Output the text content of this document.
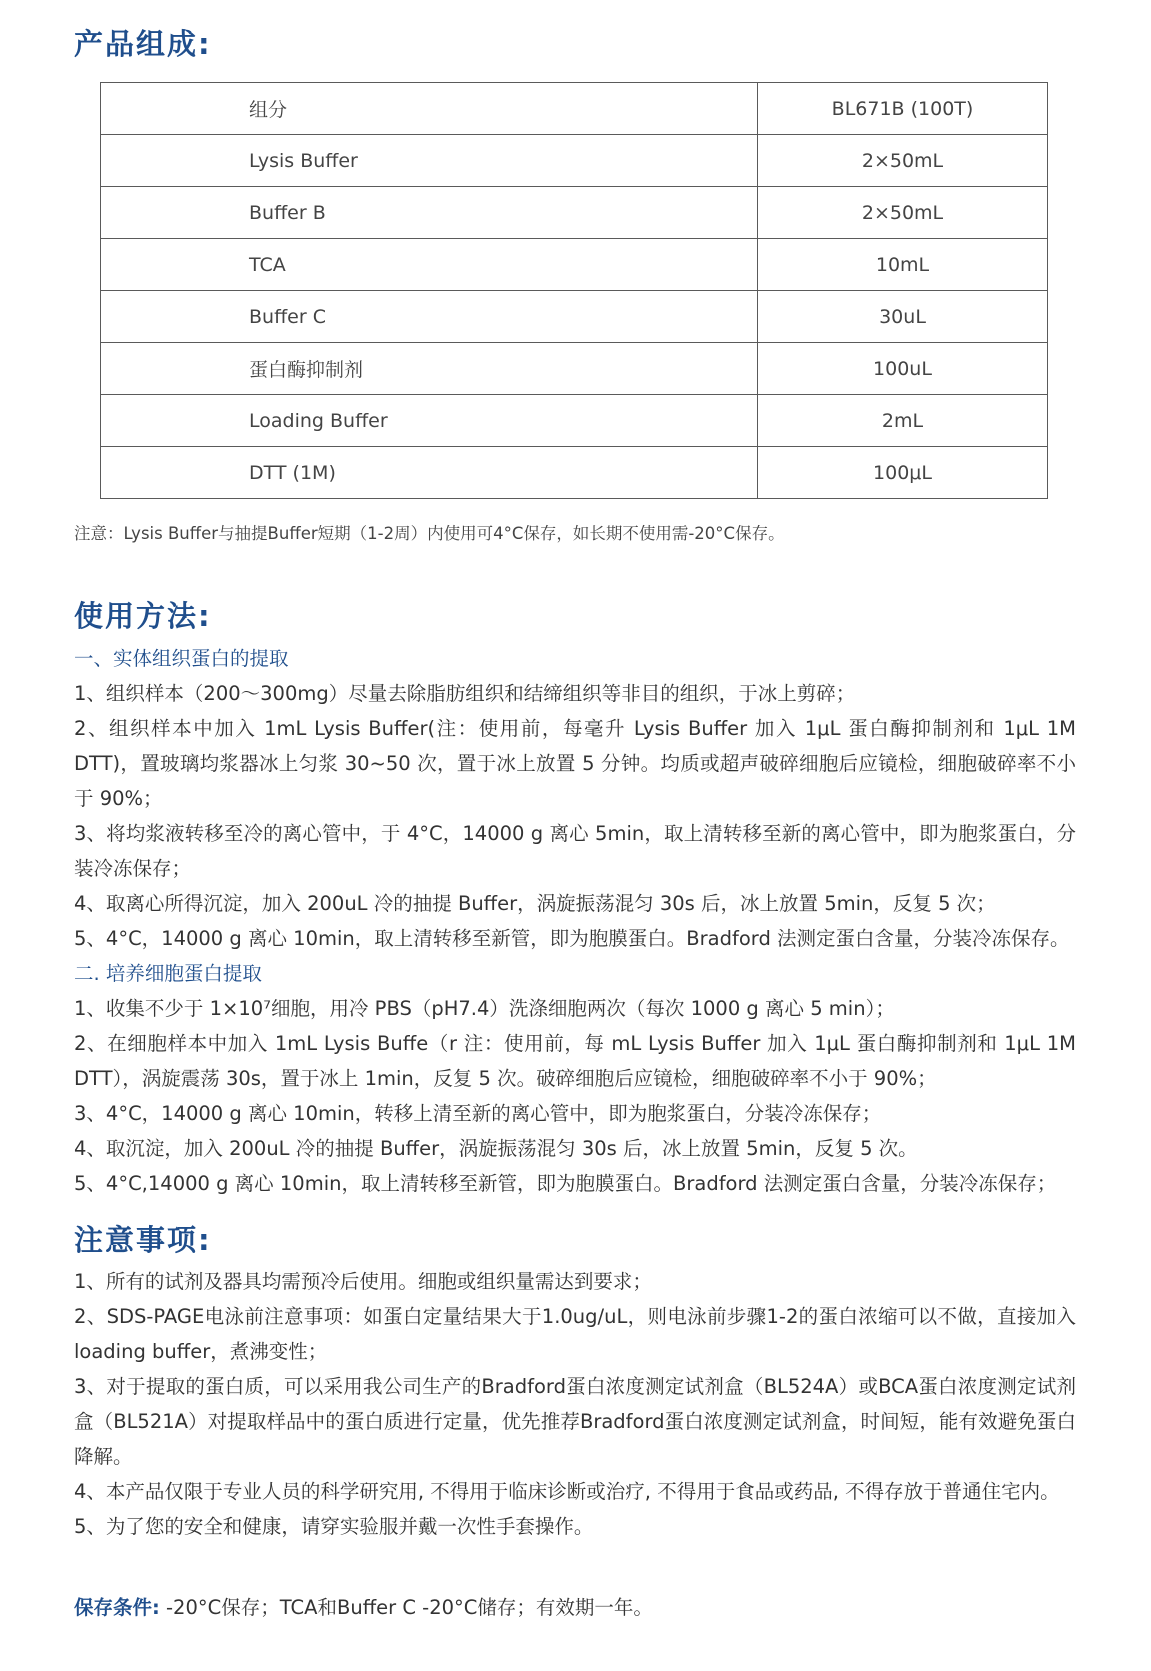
产品组成:
组分	BL671B (100T)
Lysis Buffer	2×50mL
Buffer B	2×50mL
TCA	10mL
Buffer C	30uL
蛋白酶抑制剂	100uL
Loading Buffer	2mL
DTT (1M)	100μL
注意：Lysis Buffer与抽提Buffer短期（1-2周）内使用可4°C保存，如长期不使用需-20°C保存。
使用方法:

一、实体组织蛋白的提取

1、组织样本（200～300mg）尽量去除脂肪组织和结缔组织等非目的组织，于冰上剪碎；

2、组织样本中加入 1mL Lysis Buffer(注：使用前，每毫升 Lysis Buffer 加入 1μL 蛋白酶抑制剂和 1μL 1M DTT)，置玻璃均浆器冰上匀浆 30~50 次，置于冰上放置 5 分钟。均质或超声破碎细胞后应镜检，细胞破碎率不小于 90%；

3、将均浆液转移至冷的离心管中，于 4°C，14000 g 离心 5min，取上清转移至新的离心管中，即为胞浆蛋白，分装冷冻保存；

4、取离心所得沉淀，加入 200uL 冷的抽提 Buffer，涡旋振荡混匀 30s 后，冰上放置 5min，反复 5 次；

5、4°C，14000 g 离心 10min，取上清转移至新管，即为胞膜蛋白。Bradford 法测定蛋白含量，分装冷冻保存。

二. 培养细胞蛋白提取

1、收集不少于 1×10⁷细胞，用冷 PBS（pH7.4）洗涤细胞两次（每次 1000 g 离心 5 min）；

2、在细胞样本中加入 1mL Lysis Buffe（r 注：使用前，每 mL Lysis Buffer 加入 1μL 蛋白酶抑制剂和 1μL 1M DTT），涡旋震荡 30s，置于冰上 1min，反复 5 次。破碎细胞后应镜检，细胞破碎率不小于 90%；

3、4°C，14000 g 离心 10min，转移上清至新的离心管中，即为胞浆蛋白，分装冷冻保存；

4、取沉淀，加入 200uL 冷的抽提 Buffer，涡旋振荡混匀 30s 后，冰上放置 5min，反复 5 次。

5、4°C,14000 g 离心 10min，取上清转移至新管，即为胞膜蛋白。Bradford 法测定蛋白含量，分装冷冻保存；

注意事项:

1、所有的试剂及器具均需预冷后使用。细胞或组织量需达到要求；

2、SDS-PAGE电泳前注意事项：如蛋白定量结果大于1.0ug/uL，则电泳前步骤1-2的蛋白浓缩可以不做，直接加入loading buffer，煮沸变性；

3、对于提取的蛋白质，可以采用我公司生产的Bradford蛋白浓度测定试剂盒（BL524A）或BCA蛋白浓度测定试剂盒（BL521A）对提取样品中的蛋白质进行定量，优先推荐Bradford蛋白浓度测定试剂盒，时间短，能有效避免蛋白降解。

4、本产品仅限于专业人员的科学研究用, 不得用于临床诊断或治疗, 不得用于食品或药品, 不得存放于普通住宅内。

5、为了您的安全和健康，请穿实验服并戴一次性手套操作。

保存条件: -20°C保存；TCA和Buffer C -20°C储存；有效期一年。
